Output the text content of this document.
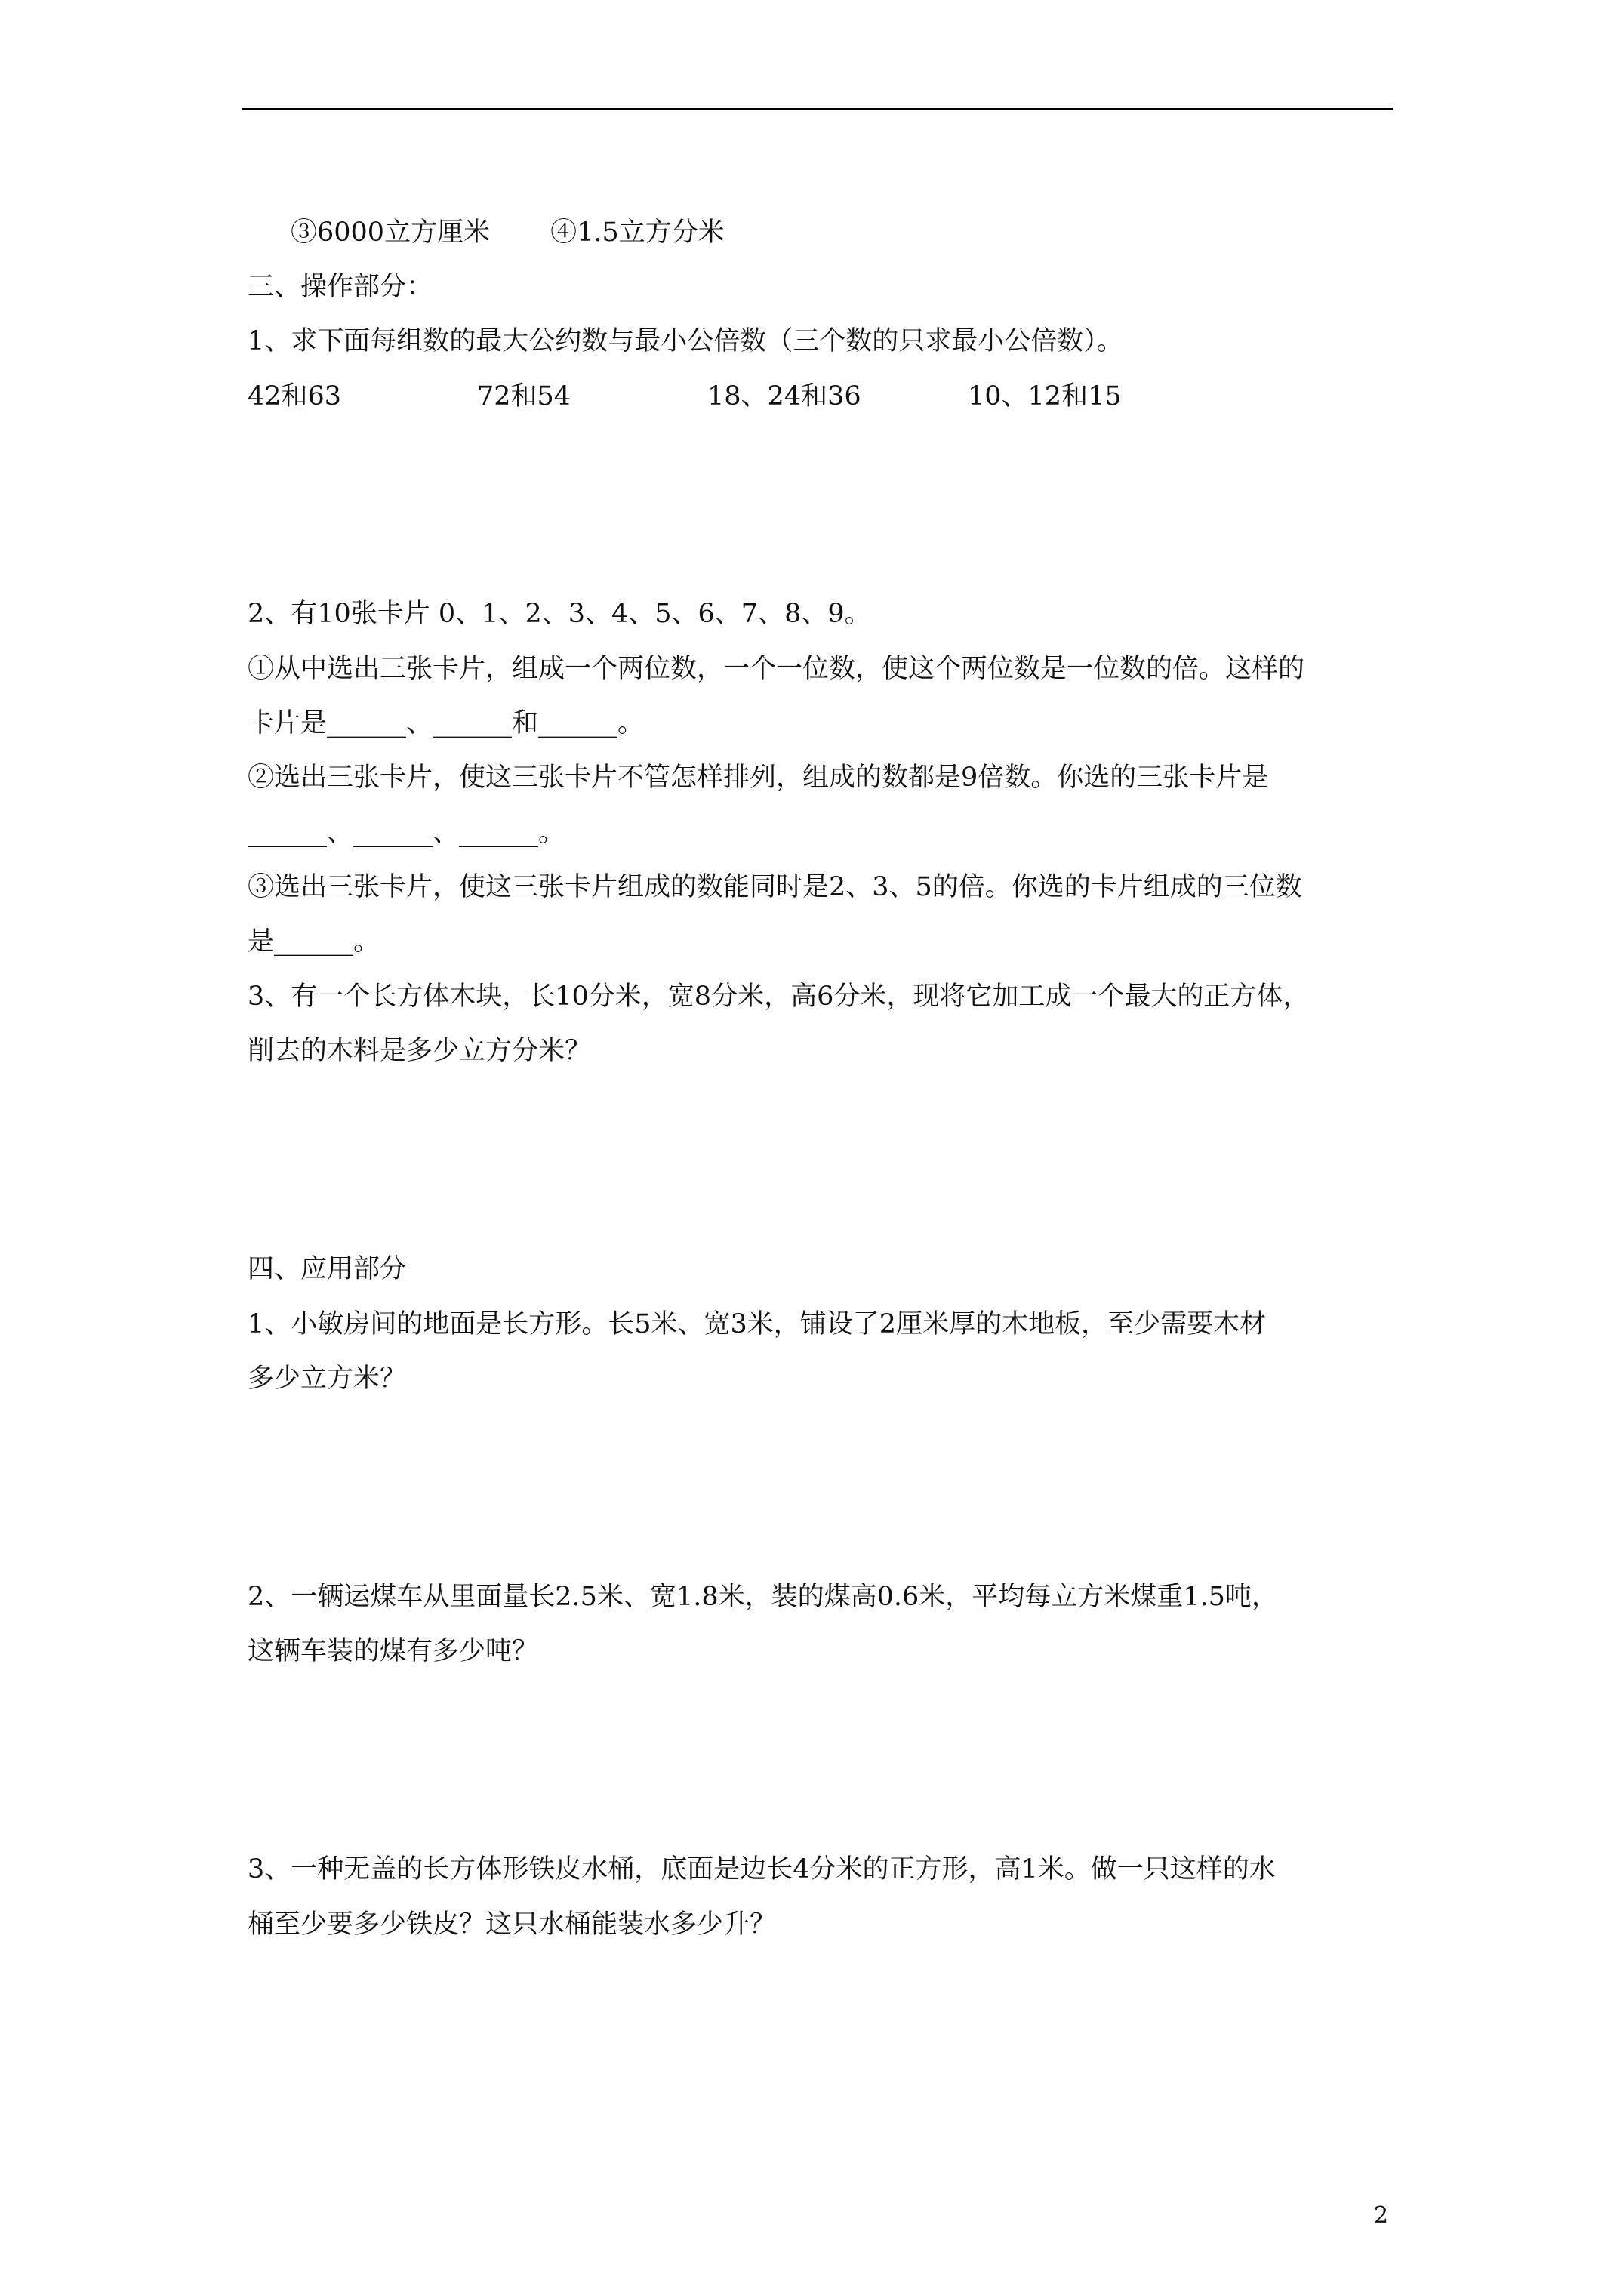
③6000立方厘米 ④1.5立方分米
三、操作部分：
1、求下面每组数的最大公约数与最小公倍数（三个数的只求最小公倍数）。
42和63	72和54	18、24和36	10、12和15
2、有10张卡片 0、1、2、3、4、5、6、7、8、9。
①从中选出三张卡片，组成一个两位数，一个一位数，使这个两位数是一位数的倍。这样的
卡片是______、______和______。
②选出三张卡片，使这三张卡片不管怎样排列，组成的数都是9倍数。你选的三张卡片是
______、______、______。
③选出三张卡片，使这三张卡片组成的数能同时是2、3、5的倍。你选的卡片组成的三位数
是______。
3、有一个长方体木块，长10分米，宽8分米，高6分米，现将它加工成一个最大的正方体，
削去的木料是多少立方分米？
四、应用部分
1、小敏房间的地面是长方形。长5米、宽3米，铺设了2厘米厚的木地板，至少需要木材
多少立方米？
2、一辆运煤车从里面量长2.5米、宽1.8米，装的煤高0.6米，平均每立方米煤重1.5吨，
这辆车装的煤有多少吨？
3、一种无盖的长方体形铁皮水桶，底面是边长4分米的正方形，高1米。做一只这样的水
桶至少要多少铁皮？这只水桶能装水多少升？
2
